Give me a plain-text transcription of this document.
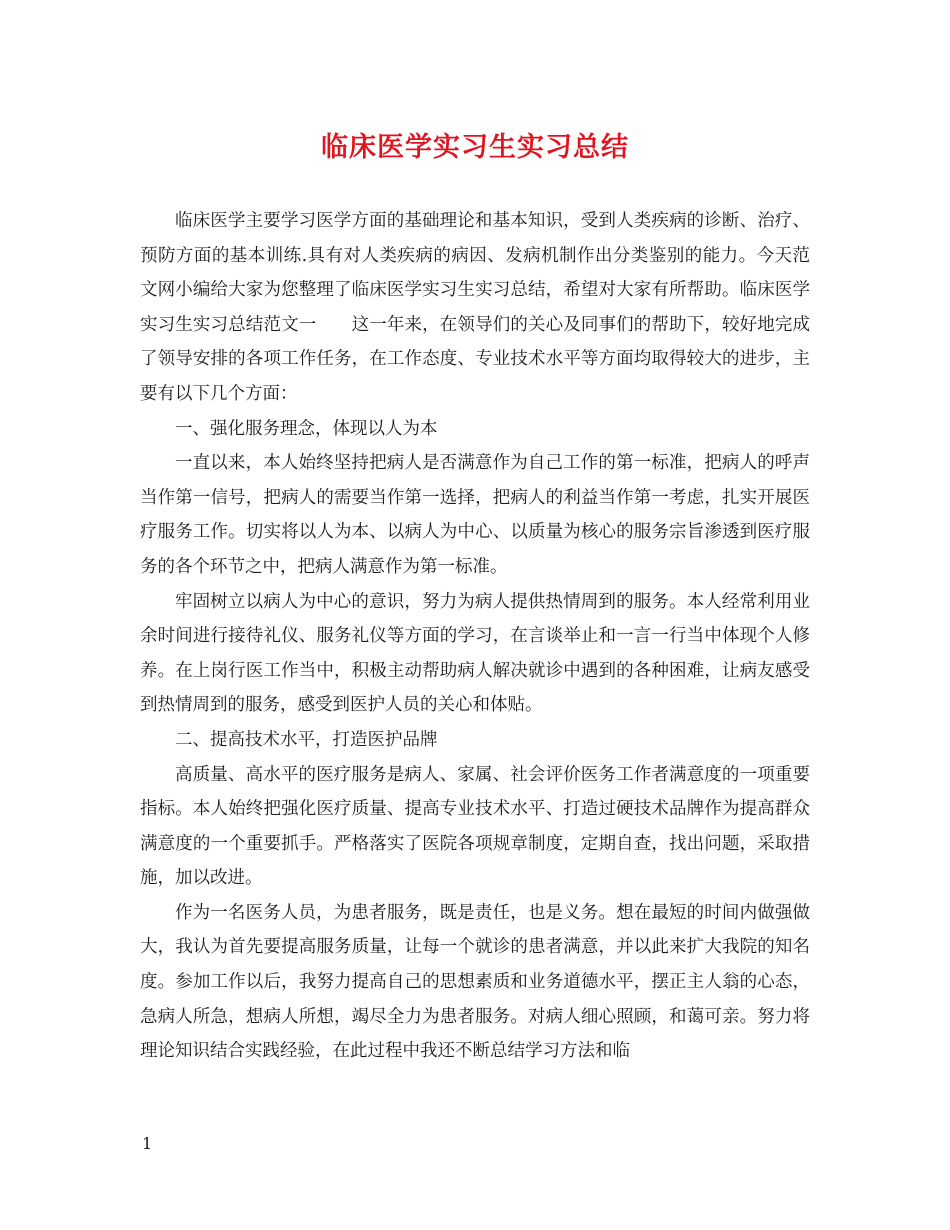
临床医学实习生实习总结

临床医学主要学习医学方面的基础理论和基本知识，受到人类疾病的诊断、治疗、预防方面的基本训练.具有对人类疾病的病因、发病机制作出分类鉴别的能力。今天范文网小编给大家为您整理了临床医学实习生实习总结，希望对大家有所帮助。临床医学实习生实习总结范文一　　这一年来，在领导们的关心及同事们的帮助下，较好地完成了领导安排的各项工作任务，在工作态度、专业技术水平等方面均取得较大的进步，主要有以下几个方面：

一、强化服务理念，体现以人为本

一直以来，本人始终坚持把病人是否满意作为自己工作的第一标准，把病人的呼声当作第一信号，把病人的需要当作第一选择，把病人的利益当作第一考虑，扎实开展医疗服务工作。切实将以人为本、以病人为中心、以质量为核心的服务宗旨渗透到医疗服务的各个环节之中，把病人满意作为第一标准。

牢固树立以病人为中心的意识，努力为病人提供热情周到的服务。本人经常利用业余时间进行接待礼仪、服务礼仪等方面的学习，在言谈举止和一言一行当中体现个人修养。在上岗行医工作当中，积极主动帮助病人解决就诊中遇到的各种困难，让病友感受到热情周到的服务，感受到医护人员的关心和体贴。

二、提高技术水平，打造医护品牌

高质量、高水平的医疗服务是病人、家属、社会评价医务工作者满意度的一项重要指标。本人始终把强化医疗质量、提高专业技术水平、打造过硬技术品牌作为提高群众满意度的一个重要抓手。严格落实了医院各项规章制度，定期自查，找出问题，采取措施，加以改进。

作为一名医务人员，为患者服务，既是责任，也是义务。想在最短的时间内做强做大，我认为首先要提高服务质量，让每一个就诊的患者满意，并以此来扩大我院的知名度。参加工作以后，我努力提高自己的思想素质和业务道德水平，摆正主人翁的心态，急病人所急，想病人所想，竭尽全力为患者服务。对病人细心照顾，和蔼可亲。努力将理论知识结合实践经验，在此过程中我还不断总结学习方法和临

1
